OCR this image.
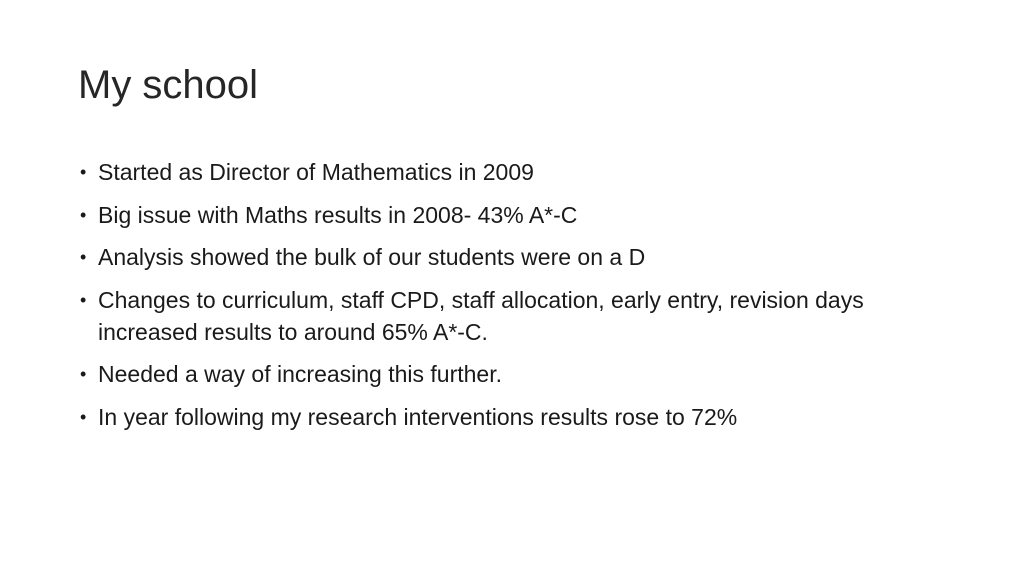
My school
• Started as Director of Mathematics in 2009
• Big issue with Maths results in 2008- 43% A*-C
• Analysis showed the bulk of our students were on a D
• Changes to curriculum, staff CPD, staff allocation, early entry, revision days increased results to around 65% A*-C.
• Needed a way of increasing this further.
• In year following my research interventions results rose to 72%
